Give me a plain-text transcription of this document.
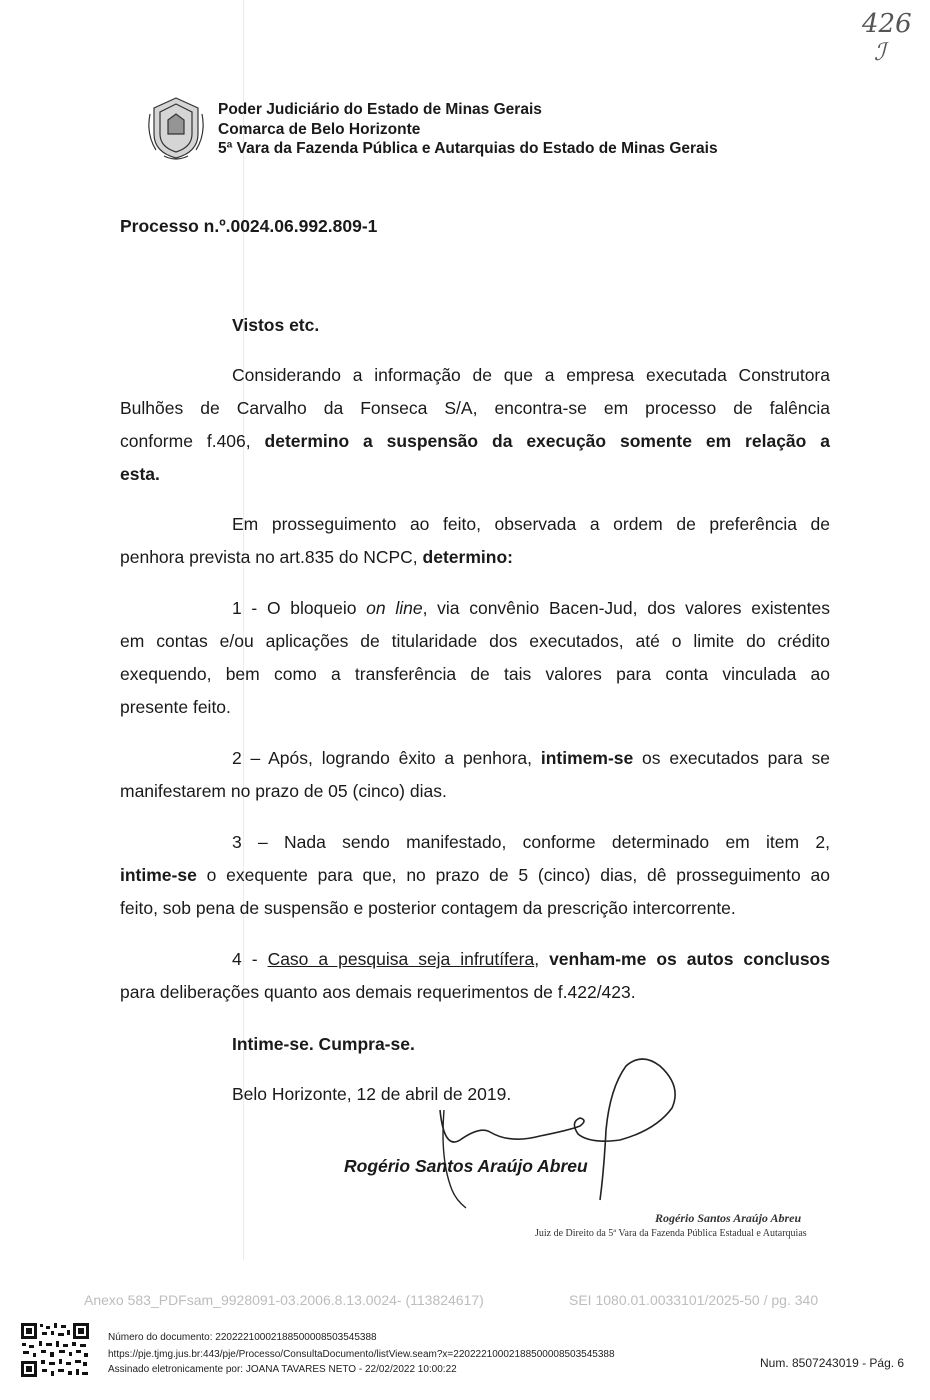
426
ℐ
Poder Judiciário do Estado de Minas Gerais
Comarca de Belo Horizonte
5ª Vara da Fazenda Pública e Autarquias do Estado de Minas Gerais
Processo n.º.0024.06.992.809-1
Vistos etc.
Considerando a informação de que a empresa executada Construtora
Bulhões de Carvalho da Fonseca S/A, encontra-se em processo de falência
conforme f.406, determino a suspensão da execução somente em relação a
esta.
Em prosseguimento ao feito, observada a ordem de preferência de
penhora prevista no art.835 do NCPC, determino:
1 - O bloqueio on line, via convênio Bacen-Jud, dos valores existentes
em contas e/ou aplicações de titularidade dos executados, até o limite do crédito
exequendo, bem como a transferência de tais valores para conta vinculada ao
presente feito.
2 – Após, logrando êxito a penhora, intimem-se os executados para se
manifestarem no prazo de 05 (cinco) dias.
3 – Nada sendo manifestado, conforme determinado em item 2,
intime-se o exequente para que, no prazo de 5 (cinco) dias, dê prosseguimento ao
feito, sob pena de suspensão e posterior contagem da prescrição intercorrente.
4 - Caso a pesquisa seja infrutífera, venham-me os autos conclusos
para deliberações quanto aos demais requerimentos de f.422/423.
Intime-se. Cumpra-se.
Belo Horizonte, 12 de abril de 2019.
Rogério Santos Araújo Abreu
Rogério Santos Araújo Abreu
Juiz de Direito da 5ª Vara da Fazenda Pública Estadual e Autarquias
Anexo 583_PDFsam_9928091-03.2006.8.13.0024- (113824617)	SEI 1080.01.0033101/2025-50 / pg. 340
Número do documento: 22022210002188500008503545388
https://pje.tjmg.jus.br:443/pje/Processo/ConsultaDocumento/listView.seam?x=22022210002188500008503545388
Assinado eletronicamente por: JOANA TAVARES NETO - 22/02/2022 10:00:22	Num. 8507243019 - Pág. 6
